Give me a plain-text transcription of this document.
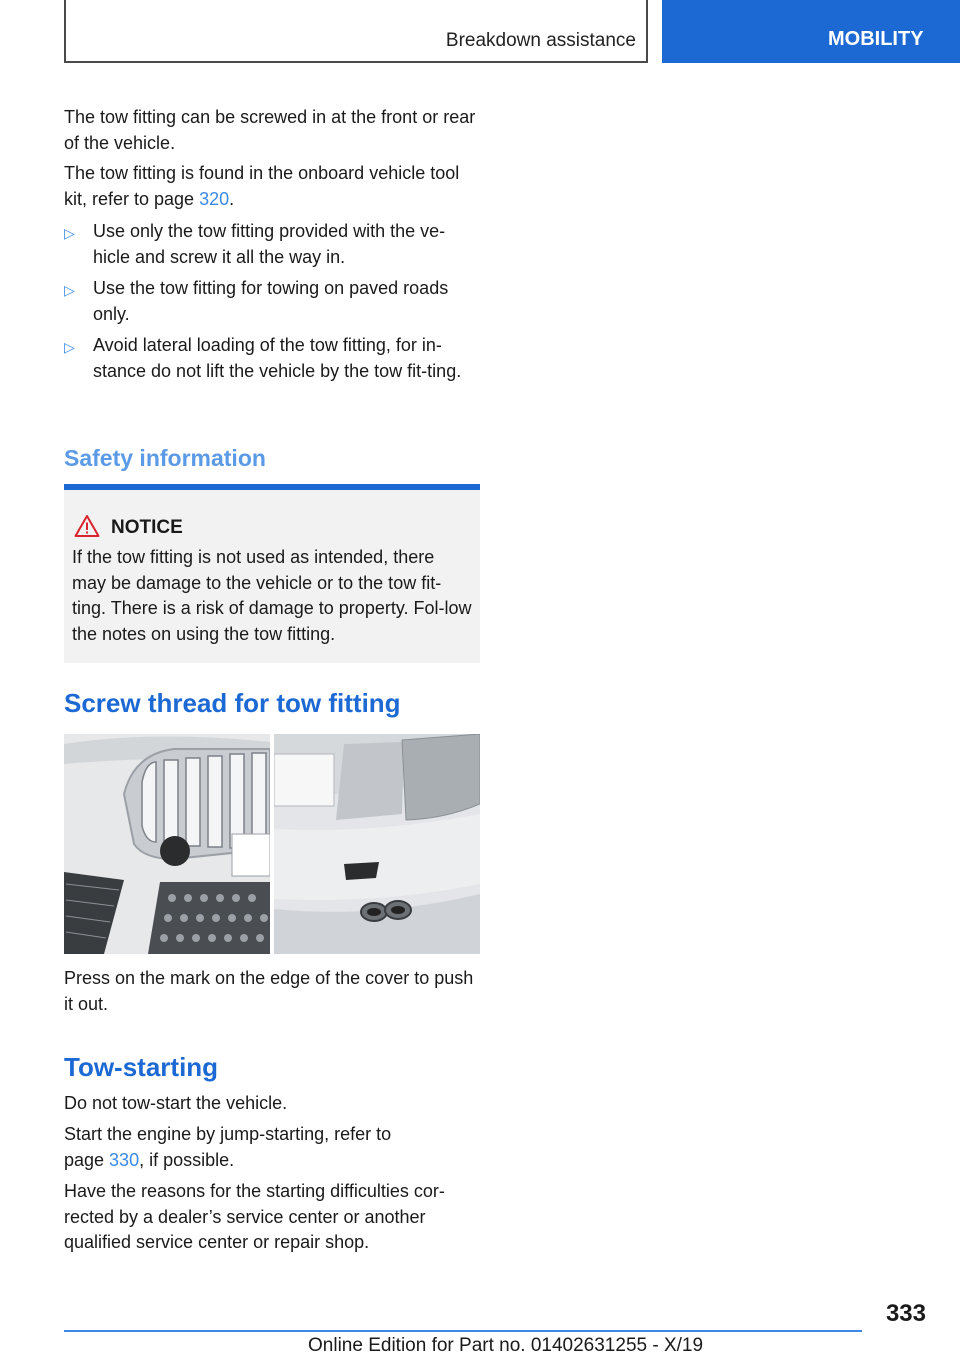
Breakdown assistance	MOBILITY

The tow fitting can be screwed in at the front or rear of the vehicle.

The tow fitting is found in the onboard vehicle tool kit, refer to page 320.

▷ Use only the tow fitting provided with the ve-hicle and screw it all the way in.
▷ Use the tow fitting for towing on paved roads only.
▷ Avoid lateral loading of the tow fitting, for in-stance do not lift the vehicle by the tow fit-ting.
Safety information
NOTICE
If the tow fitting is not used as intended, there may be damage to the vehicle or to the tow fit-ting. There is a risk of damage to property. Fol-low the notes on using the tow fitting.
Screw thread for tow fitting

Press on the mark on the edge of the cover to push it out.

Tow-starting

Do not tow-start the vehicle.

Start the engine by jump-starting, refer to page 330, if possible.

Have the reasons for the starting difficulties cor-rected by a dealer’s service center or another qualified service center or repair shop.

333
Online Edition for Part no. 01402631255 - X/19
